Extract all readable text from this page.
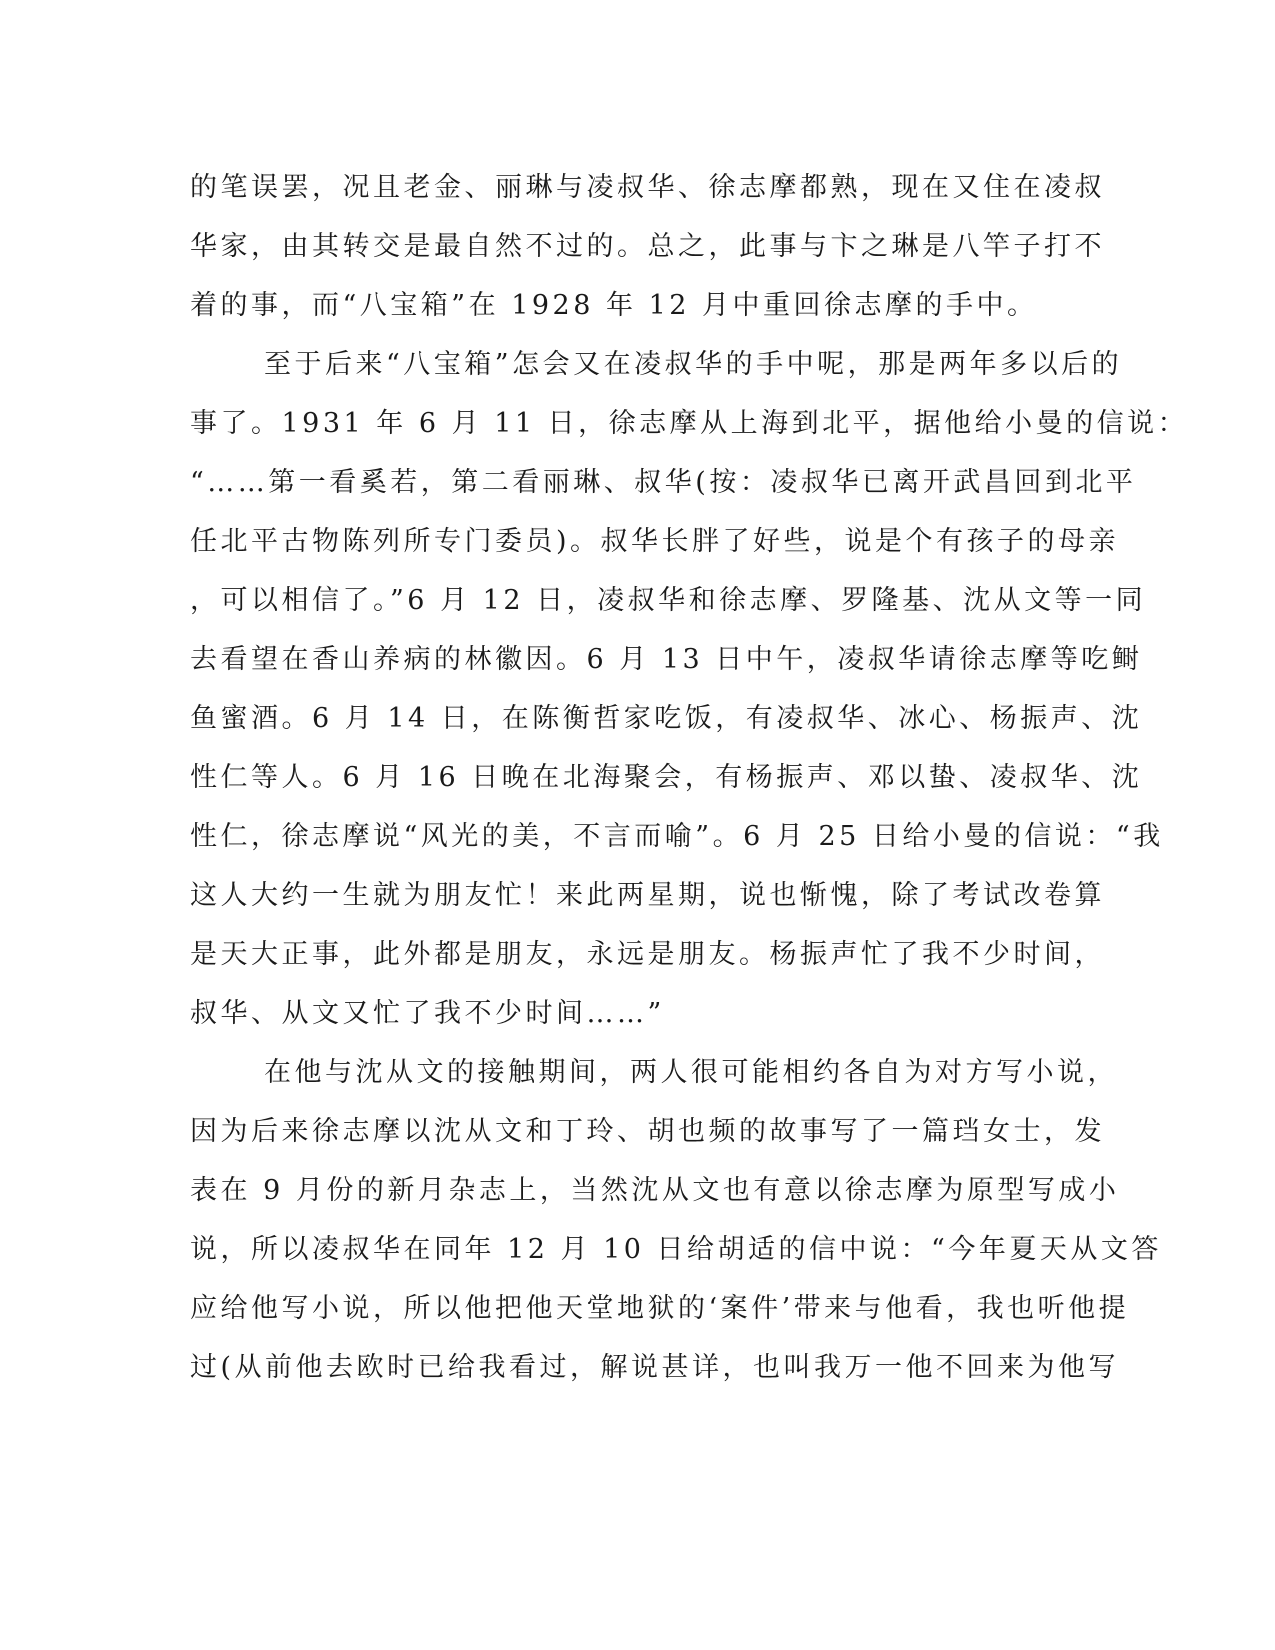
的笔误罢，况且老金、丽琳与凌叔华、徐志摩都熟，现在又住在凌叔
华家，由其转交是最自然不过的。总之，此事与卞之琳是八竿子打不
着的事，而“八宝箱”在 1928 年 12 月中重回徐志摩的手中。
至于后来“八宝箱”怎会又在凌叔华的手中呢，那是两年多以后的
事了。1931 年 6 月 11 日，徐志摩从上海到北平，据他给小曼的信说：
“……第一看奚若，第二看丽琳、叔华(按：凌叔华已离开武昌回到北平
任北平古物陈列所专门委员)。叔华长胖了好些，说是个有孩子的母亲
，可以相信了。”6 月 12 日，凌叔华和徐志摩、罗隆基、沈从文等一同
去看望在香山养病的林徽因。6 月 13 日中午，凌叔华请徐志摩等吃鲥
鱼蜜酒。6 月 14 日，在陈衡哲家吃饭，有凌叔华、冰心、杨振声、沈
性仁等人。6 月 16 日晚在北海聚会，有杨振声、邓以蛰、凌叔华、沈
性仁，徐志摩说“风光的美，不言而喻”。6 月 25 日给小曼的信说：“我
这人大约一生就为朋友忙！来此两星期，说也惭愧，除了考试改卷算
是天大正事，此外都是朋友，永远是朋友。杨振声忙了我不少时间，
叔华、从文又忙了我不少时间……”
在他与沈从文的接触期间，两人很可能相约各自为对方写小说，
因为后来徐志摩以沈从文和丁玲、胡也频的故事写了一篇珰女士，发
表在 9 月份的新月杂志上，当然沈从文也有意以徐志摩为原型写成小
说，所以凌叔华在同年 12 月 10 日给胡适的信中说：“今年夏天从文答
应给他写小说，所以他把他天堂地狱的‘案件’带来与他看，我也听他提
过(从前他去欧时已给我看过，解说甚详，也叫我万一他不回来为他写
